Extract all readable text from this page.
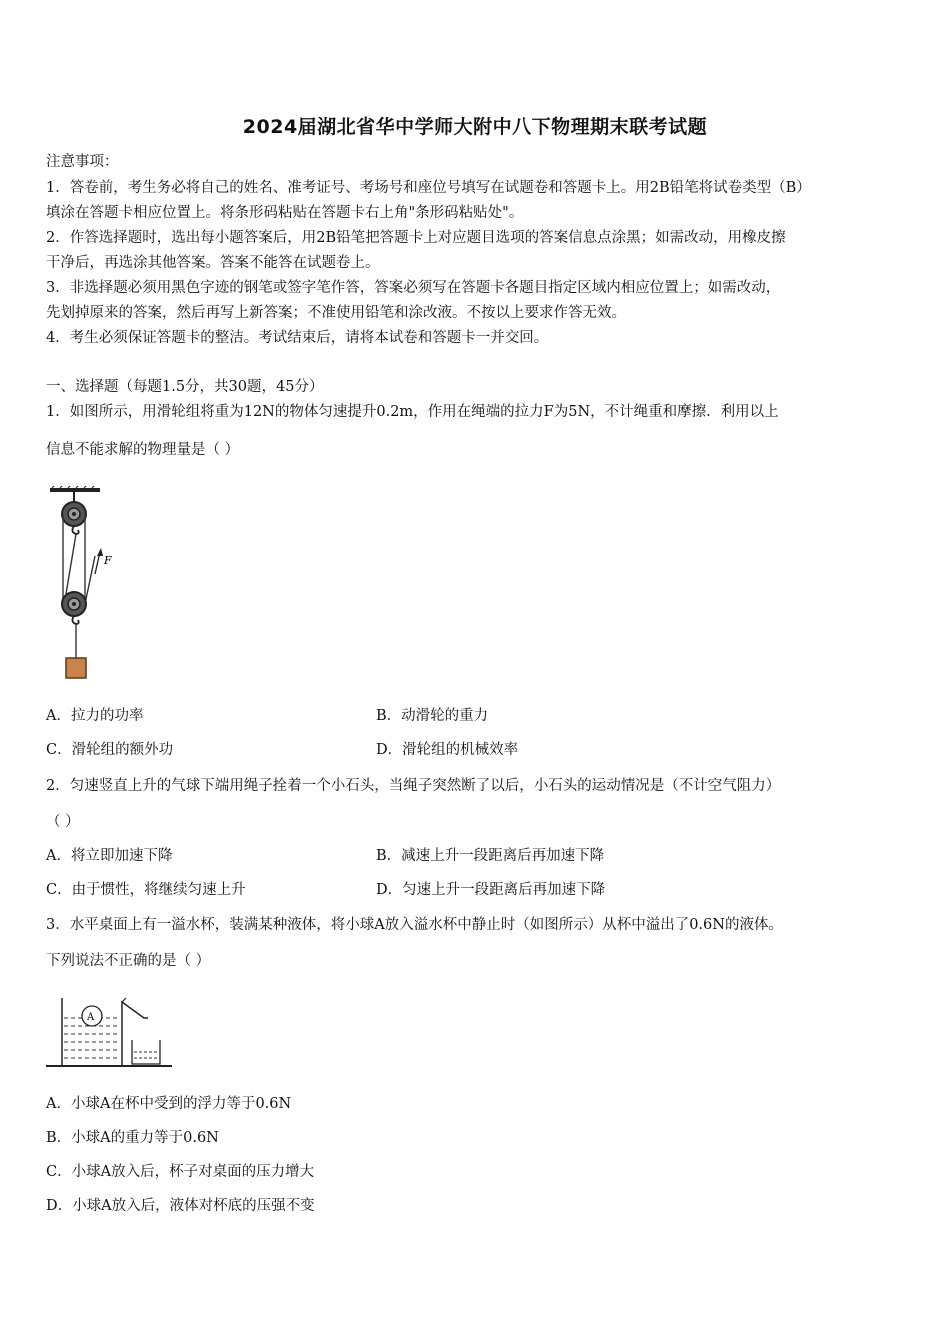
2024届湖北省华中学师大附中八下物理期末联考试题
注意事项：
1．答卷前，考生务必将自己的姓名、准考证号、考场号和座位号填写在试题卷和答题卡上。用2B铅笔将试卷类型（B）
填涂在答题卡相应位置上。将条形码粘贴在答题卡右上角"条形码粘贴处"。
2．作答选择题时，选出每小题答案后，用2B铅笔把答题卡上对应题目选项的答案信息点涂黑；如需改动，用橡皮擦
干净后，再选涂其他答案。答案不能答在试题卷上。
3．非选择题必须用黑色字迹的钢笔或签字笔作答，答案必须写在答题卡各题目指定区域内相应位置上；如需改动，
先划掉原来的答案，然后再写上新答案；不准使用铅笔和涂改液。不按以上要求作答无效。
4．考生必须保证答题卡的整洁。考试结束后，请将本试卷和答题卡一并交回。
一、选择题（每题1.5分，共30题，45分）
1．如图所示，用滑轮组将重为12N的物体匀速提升0.2m，作用在绳端的拉力F为5N，不计绳重和摩擦．利用以上
信息不能求解的物理量是（ ）
F
A．拉力的功率	B．动滑轮的重力
C．滑轮组的额外功	D．滑轮组的机械效率
2．匀速竖直上升的气球下端用绳子拴着一个小石头，当绳子突然断了以后，小石头的运动情况是（不计空气阻力）
（ ）
A．将立即加速下降	B．减速上升一段距离后再加速下降
C．由于惯性，将继续匀速上升	D．匀速上升一段距离后再加速下降
3．水平桌面上有一溢水杯，装满某种液体，将小球A放入溢水杯中静止时（如图所示）从杯中溢出了0.6N的液体。
下列说法不正确的是（ ）
A
A．小球A在杯中受到的浮力等于0.6N
B．小球A的重力等于0.6N
C．小球A放入后，杯子对桌面的压力增大
D．小球A放入后，液体对杯底的压强不变
